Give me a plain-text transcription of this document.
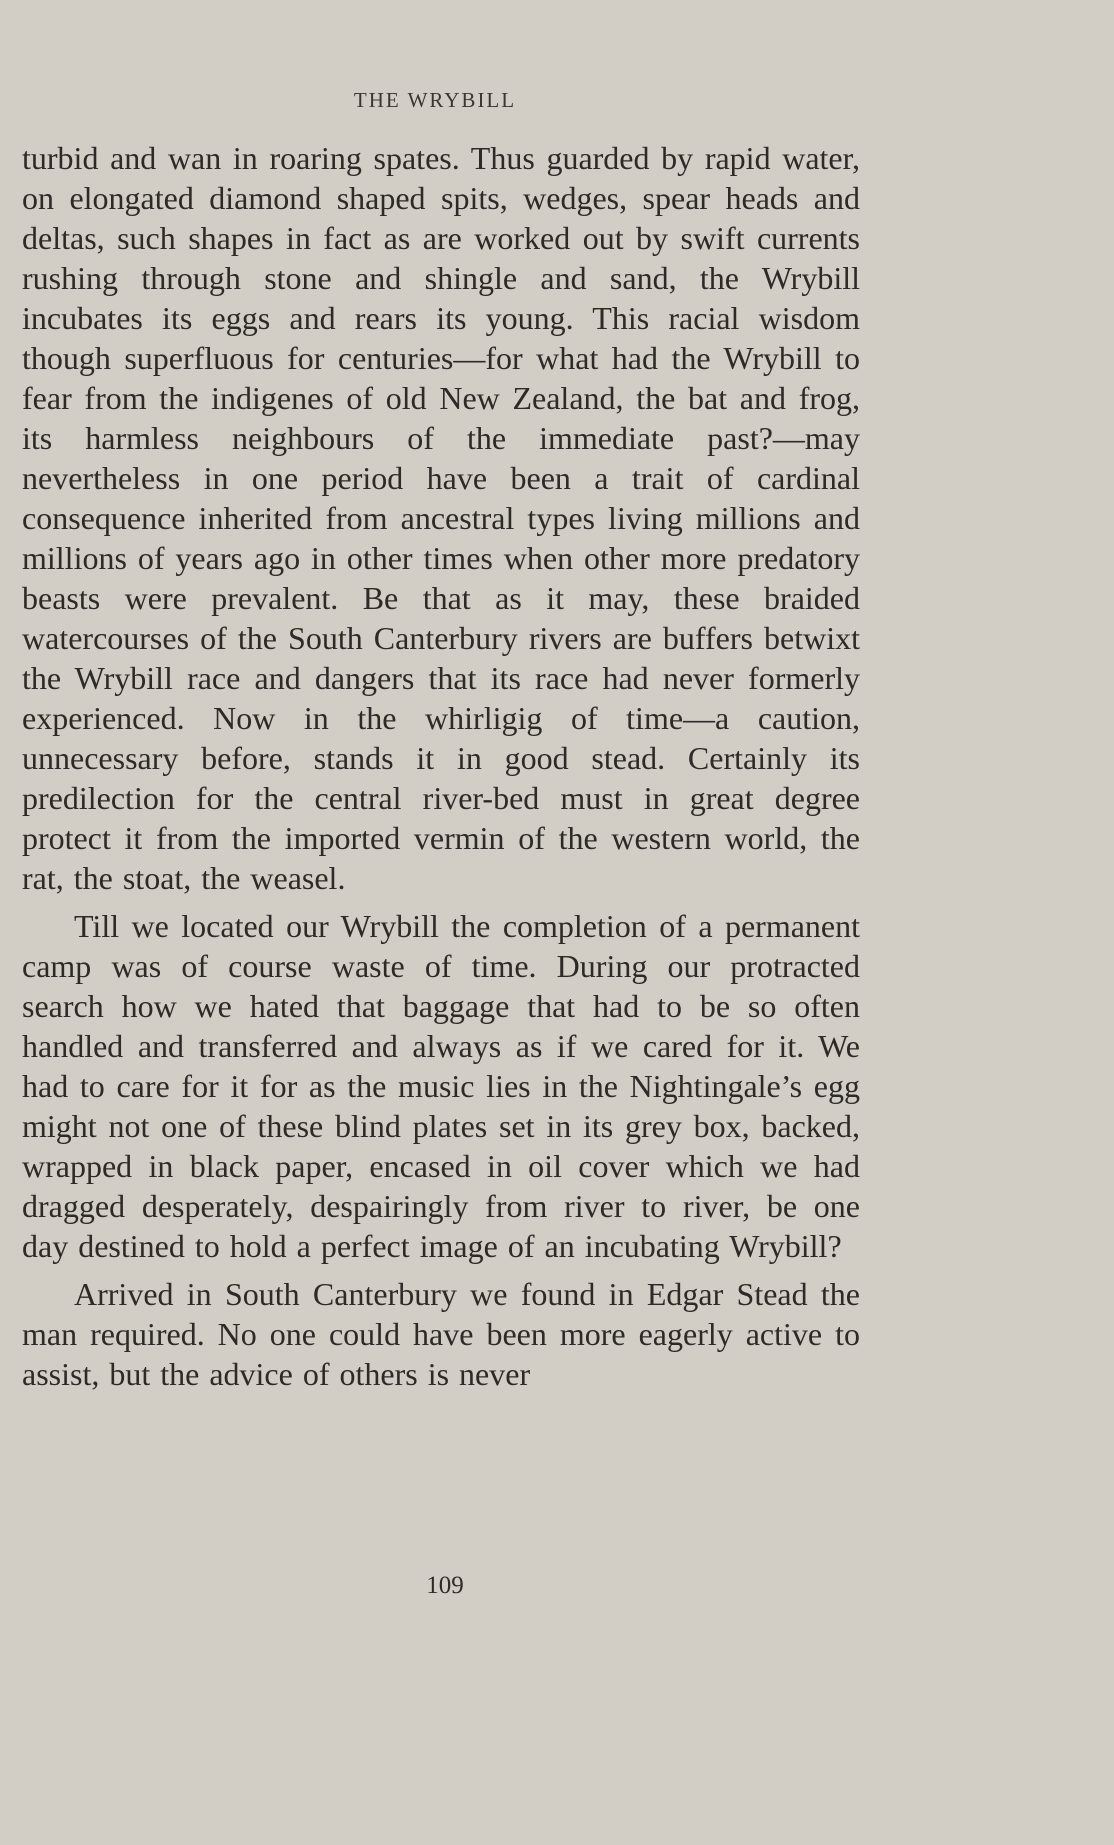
THE WRYBILL

turbid and wan in roaring spates. Thus guarded by rapid water, on elongated diamond shaped spits, wedges, spear heads and deltas, such shapes in fact as are worked out by swift currents rushing through stone and shingle and sand, the Wrybill incubates its eggs and rears its young. This racial wisdom though superfluous for centuries—for what had the Wrybill to fear from the indigenes of old New Zealand, the bat and frog, its harmless neighbours of the immediate past?—may nevertheless in one period have been a trait of cardinal consequence inherited from ancestral types living millions and millions of years ago in other times when other more predatory beasts were prevalent. Be that as it may, these braided watercourses of the South Canterbury rivers are buffers betwixt the Wrybill race and dangers that its race had never formerly experienced. Now in the whirligig of time—a caution, unnecessary before, stands it in good stead. Certainly its predilection for the central river-bed must in great degree protect it from the imported vermin of the western world, the rat, the stoat, the weasel.

Till we located our Wrybill the completion of a permanent camp was of course waste of time. During our protracted search how we hated that baggage that had to be so often handled and transferred and always as if we cared for it. We had to care for it for as the music lies in the Nightingale’s egg might not one of these blind plates set in its grey box, backed, wrapped in black paper, encased in oil cover which we had dragged desperately, despairingly from river to river, be one day destined to hold a perfect image of an incubating Wrybill?

Arrived in South Canterbury we found in Edgar Stead the man required. No one could have been more eagerly active to assist, but the advice of others is never

109
